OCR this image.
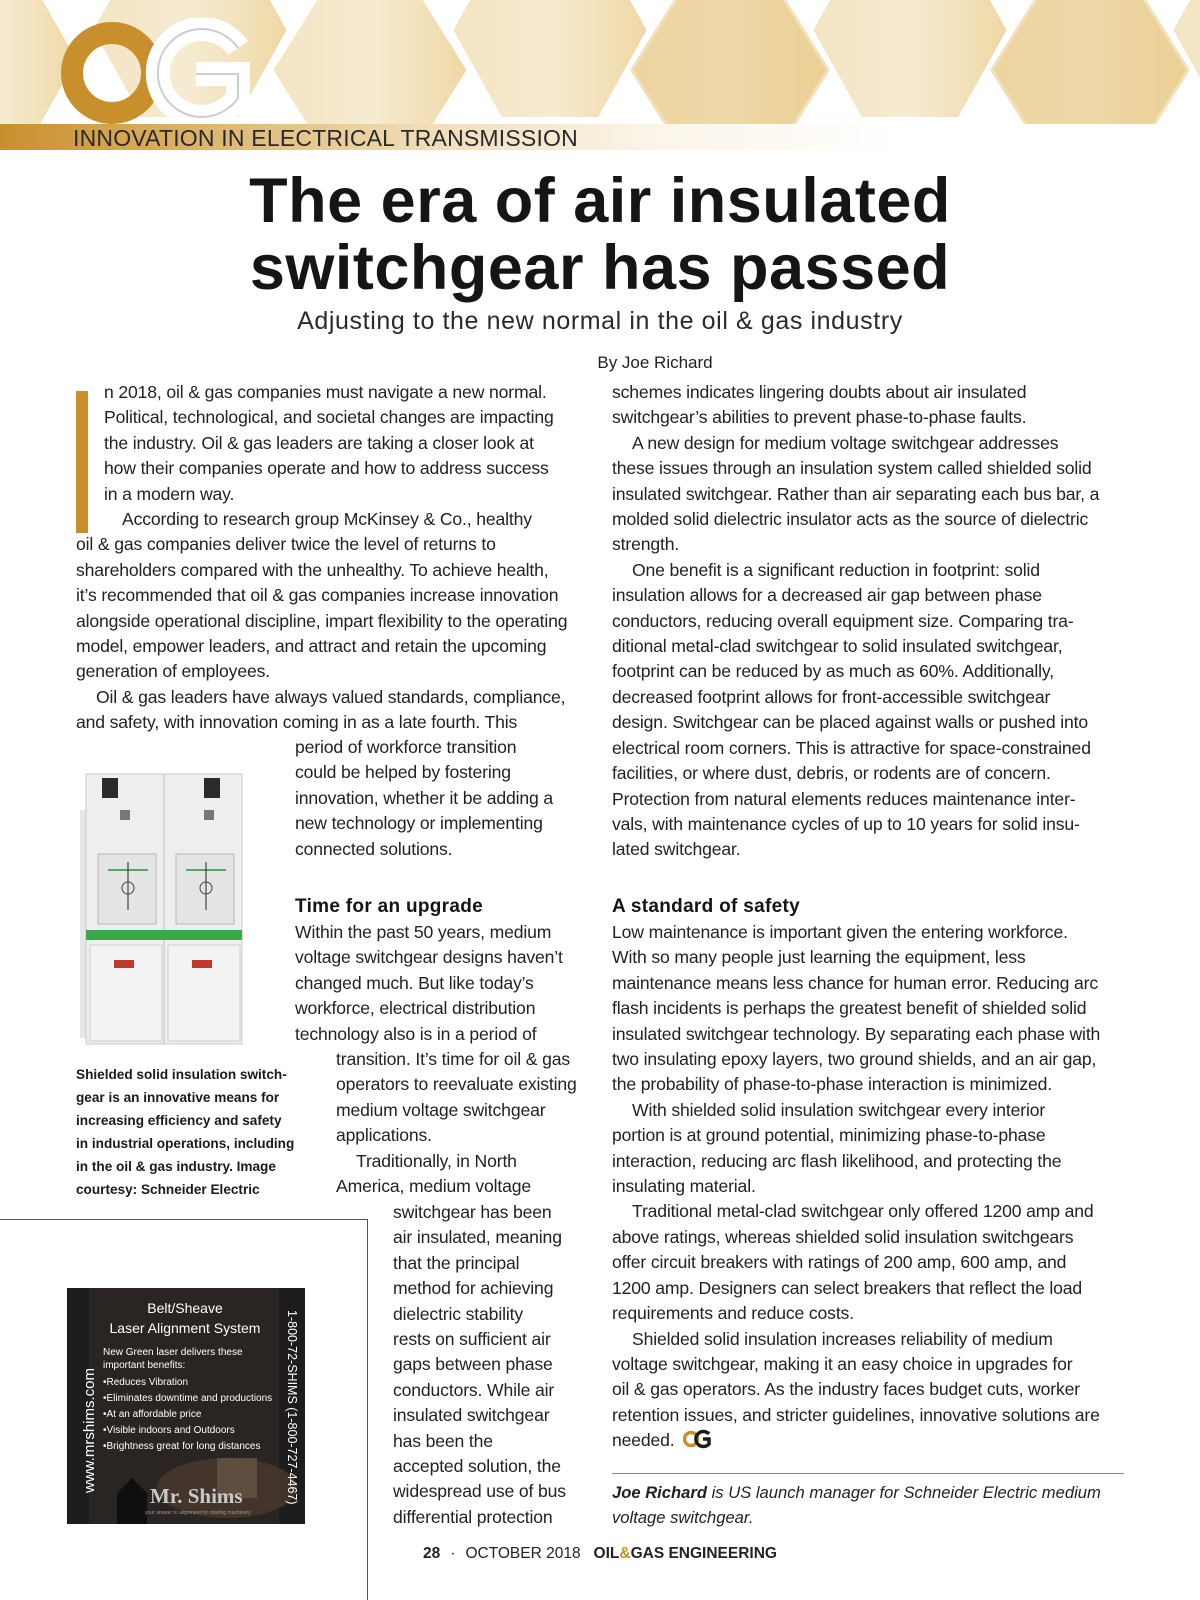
INNOVATION IN ELECTRICAL TRANSMISSION
The era of air insulated
switchgear has passed
Adjusting to the new normal in the oil & gas industry
By Joe Richard
n 2018, oil & gas companies must navigate a new normal.
Political, technological, and societal changes are impacting
the industry. Oil & gas leaders are taking a closer look at
how their companies operate and how to address success
in a modern way.
According to research group McKinsey & Co., healthy
oil & gas companies deliver twice the level of returns to
shareholders compared with the unhealthy. To achieve health,
it’s recommended that oil & gas companies increase innovation
alongside operational discipline, impart flexibility to the operating
model, empower leaders, and attract and retain the upcoming
generation of employees.
Oil & gas leaders have always valued standards, compliance,
and safety, with innovation coming in as a late fourth. This
period of workforce transition
could be helped by fostering
innovation, whether it be adding a
new technology or implementing
connected solutions.
Shielded solid insulation switch-
gear is an innovative means for
increasing efficiency and safety
in industrial operations, including
in the oil & gas industry. Image
courtesy: Schneider Electric
Time for an upgrade
Within the past 50 years, medium
voltage switchgear designs haven’t
changed much. But like today’s
workforce, electrical distribution
technology also is in a period of
transition. It’s time for oil & gas
operators to reevaluate existing
medium voltage switchgear
applications.
Traditionally, in North
America, medium voltage
switchgear has been
air insulated, meaning
that the principal
method for achieving
dielectric stability
rests on sufficient air
gaps between phase
conductors. While air
insulated switchgear
has been the
accepted solution, the
widespread use of bus
differential protection
Belt/Sheave
Laser Alignment System
New Green laser delivers these
important benefits:
• Reduces Vibration
• Eliminates downtime and productions
• At an affordable price
• Visible indoors and Outdoors
• Brightness great for long distances
www.mrshims.com	1-800-72-SHIMS (1-800-727-4467)
Mr. Shims
your answer to alignment for rotating machinery
schemes indicates lingering doubts about air insulated
switchgear’s abilities to prevent phase-to-phase faults.
A new design for medium voltage switchgear addresses
these issues through an insulation system called shielded solid
insulated switchgear. Rather than air separating each bus bar, a
molded solid dielectric insulator acts as the source of dielectric
strength.
One benefit is a significant reduction in footprint: solid
insulation allows for a decreased air gap between phase
conductors, reducing overall equipment size. Comparing tra-
ditional metal-clad switchgear to solid insulated switchgear,
footprint can be reduced by as much as 60%. Additionally,
decreased footprint allows for front-accessible switchgear
design. Switchgear can be placed against walls or pushed into
electrical room corners. This is attractive for space-constrained
facilities, or where dust, debris, or rodents are of concern.
Protection from natural elements reduces maintenance inter-
vals, with maintenance cycles of up to 10 years for solid insu-
lated switchgear.
A standard of safety
Low maintenance is important given the entering workforce.
With so many people just learning the equipment, less
maintenance means less chance for human error. Reducing arc
flash incidents is perhaps the greatest benefit of shielded solid
insulated switchgear technology. By separating each phase with
two insulating epoxy layers, two ground shields, and an air gap,
the probability of phase-to-phase interaction is minimized.
With shielded solid insulation switchgear every interior
portion is at ground potential, minimizing phase-to-phase
interaction, reducing arc flash likelihood, and protecting the
insulating material.
Traditional metal-clad switchgear only offered 1200 amp and
above ratings, whereas shielded solid insulation switchgears
offer circuit breakers with ratings of 200 amp, 600 amp, and
1200 amp. Designers can select breakers that reflect the load
requirements and reduce costs.
Shielded solid insulation increases reliability of medium
voltage switchgear, making it an easy choice in upgrades for
oil & gas operators. As the industry faces budget cuts, worker
retention issues, and stricter guidelines, innovative solutions are
needed.
Joe Richard is US launch manager for Schneider Electric medium
voltage switchgear.
28 · OCTOBER 2018 OIL&GAS ENGINEERING
